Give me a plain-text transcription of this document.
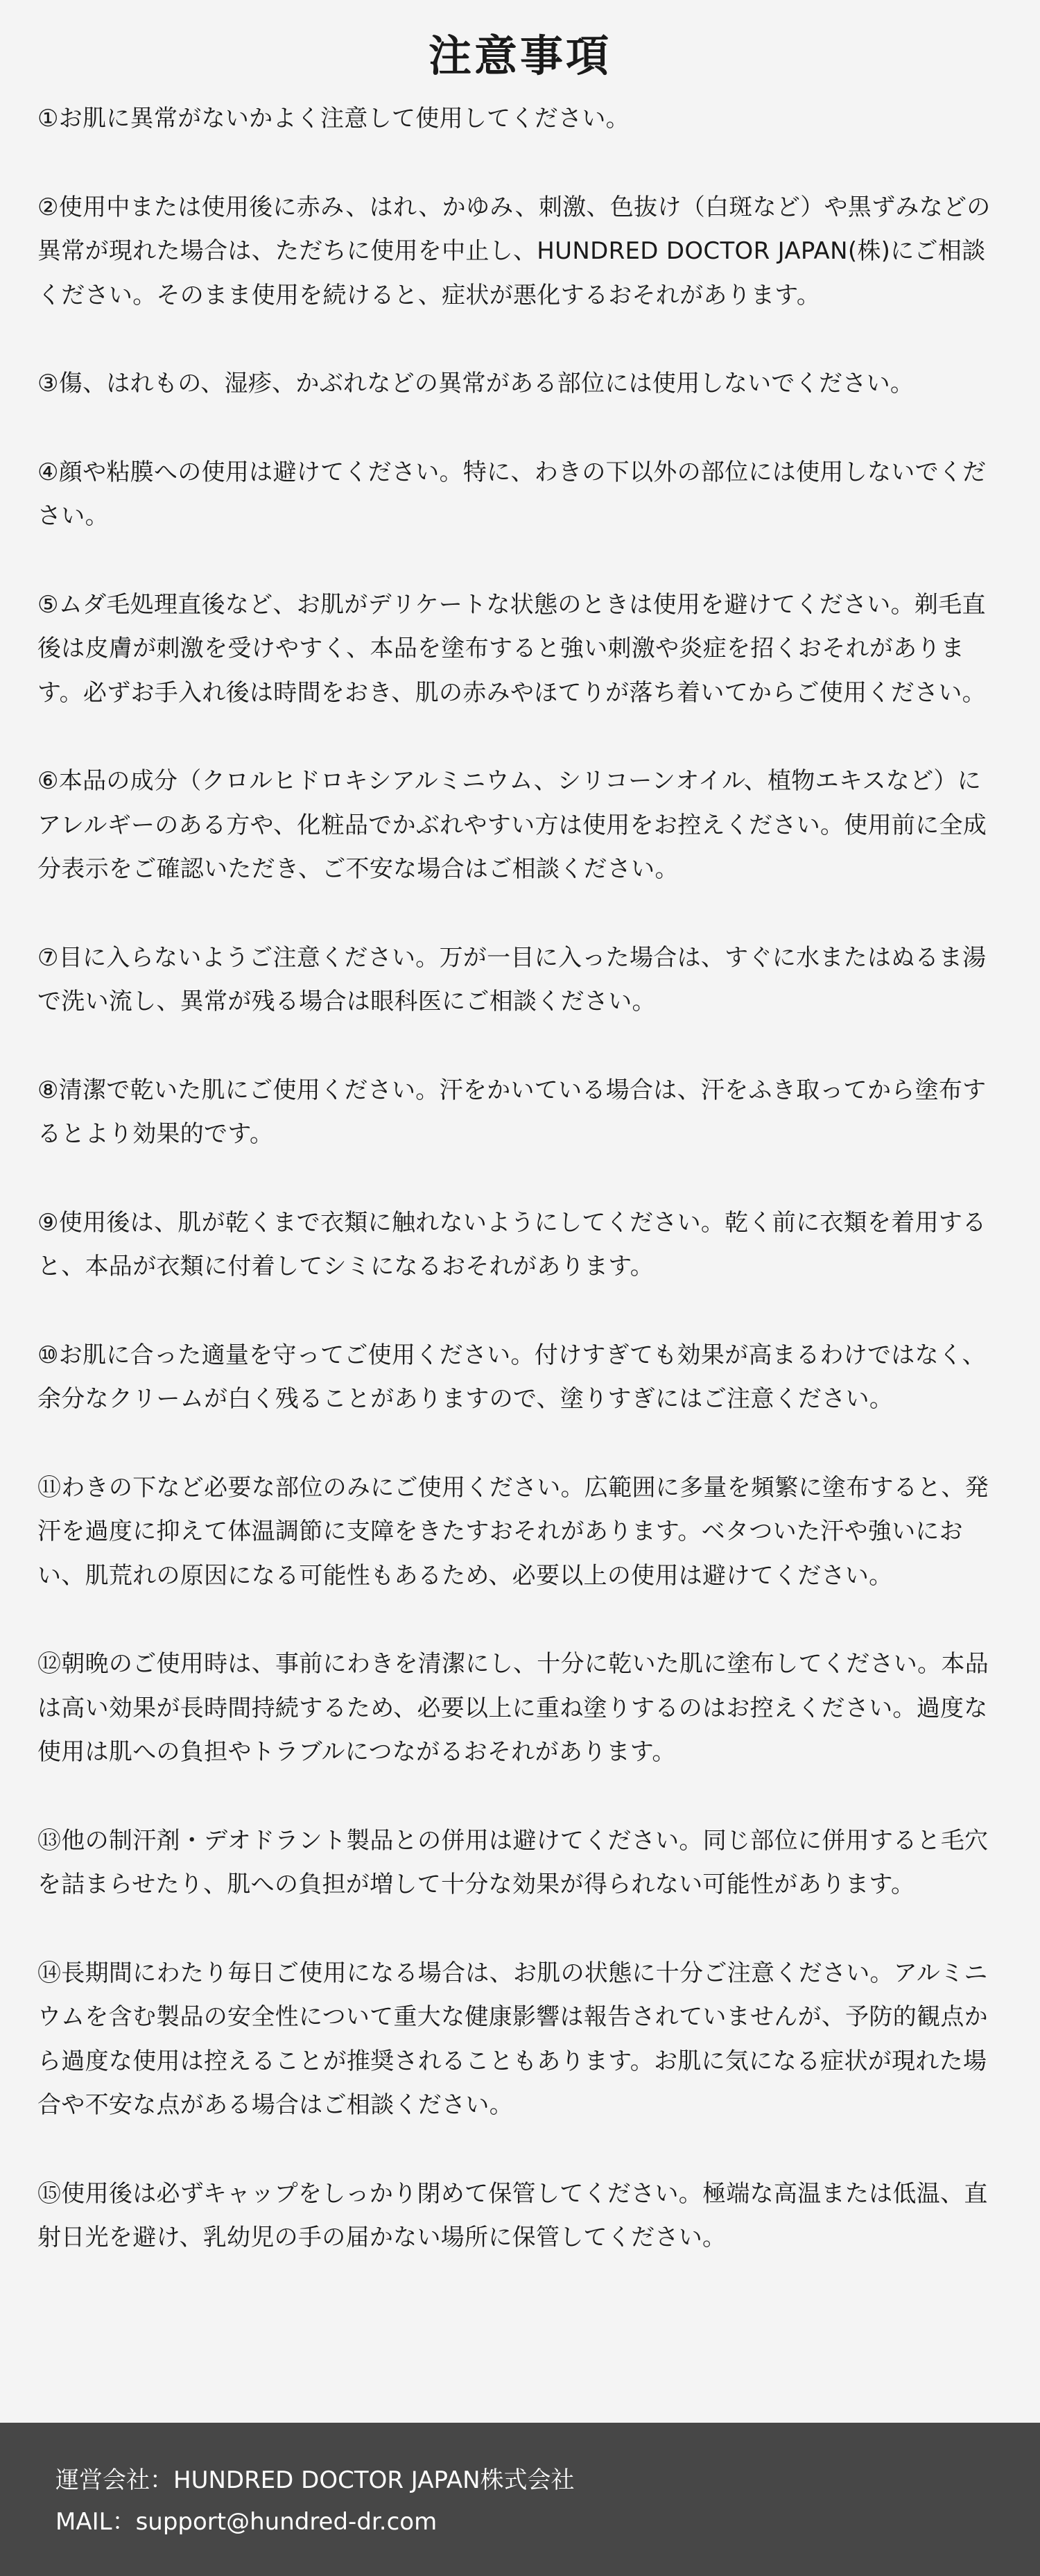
注意事項
①お肌に異常がないかよく注意して使用してください。
②使用中または使用後に赤み、はれ、かゆみ、刺激、色抜け（白斑など）や黒ずみなどの異常が現れた場合は、ただちに使用を中止し、HUNDRED DOCTOR JAPAN(株)にご相談ください。そのまま使用を続けると、症状が悪化するおそれがあります。
③傷、はれもの、湿疹、かぶれなどの異常がある部位には使用しないでください。
④顔や粘膜への使用は避けてください。特に、わきの下以外の部位には使用しないでください。
⑤ムダ毛処理直後など、お肌がデリケートな状態のときは使用を避けてください。剃毛直後は皮膚が刺激を受けやすく、本品を塗布すると強い刺激や炎症を招くおそれがあります。必ずお手入れ後は時間をおき、肌の赤みやほてりが落ち着いてからご使用ください。
⑥本品の成分（クロルヒドロキシアルミニウム、シリコーンオイル、植物エキスなど）にアレルギーのある方や、化粧品でかぶれやすい方は使用をお控えください。使用前に全成分表示をご確認いただき、ご不安な場合はご相談ください。
⑦目に入らないようご注意ください。万が一目に入った場合は、すぐに水またはぬるま湯で洗い流し、異常が残る場合は眼科医にご相談ください。
⑧清潔で乾いた肌にご使用ください。汗をかいている場合は、汗をふき取ってから塗布するとより効果的です。
⑨使用後は、肌が乾くまで衣類に触れないようにしてください。乾く前に衣類を着用すると、本品が衣類に付着してシミになるおそれがあります。
⑩お肌に合った適量を守ってご使用ください。付けすぎても効果が高まるわけではなく、余分なクリームが白く残ることがありますので、塗りすぎにはご注意ください。
⑪わきの下など必要な部位のみにご使用ください。広範囲に多量を頻繁に塗布すると、発汗を過度に抑えて体温調節に支障をきたすおそれがあります。ベタついた汗や強いにおい、肌荒れの原因になる可能性もあるため、必要以上の使用は避けてください。
⑫朝晩のご使用時は、事前にわきを清潔にし、十分に乾いた肌に塗布してください。本品は高い効果が長時間持続するため、必要以上に重ね塗りするのはお控えください。過度な使用は肌への負担やトラブルにつながるおそれがあります。
⑬他の制汗剤・デオドラント製品との併用は避けてください。同じ部位に併用すると毛穴を詰まらせたり、肌への負担が増して十分な効果が得られない可能性があります。
⑭長期間にわたり毎日ご使用になる場合は、お肌の状態に十分ご注意ください。アルミニウムを含む製品の安全性について重大な健康影響は報告されていませんが、予防的観点から過度な使用は控えることが推奨されることもあります。お肌に気になる症状が現れた場合や不安な点がある場合はご相談ください。
⑮使用後は必ずキャップをしっかり閉めて保管してください。極端な高温または低温、直射日光を避け、乳幼児の手の届かない場所に保管してください。
運営会社：HUNDRED DOCTOR JAPAN株式会社
MAIL：support@hundred-dr.com
